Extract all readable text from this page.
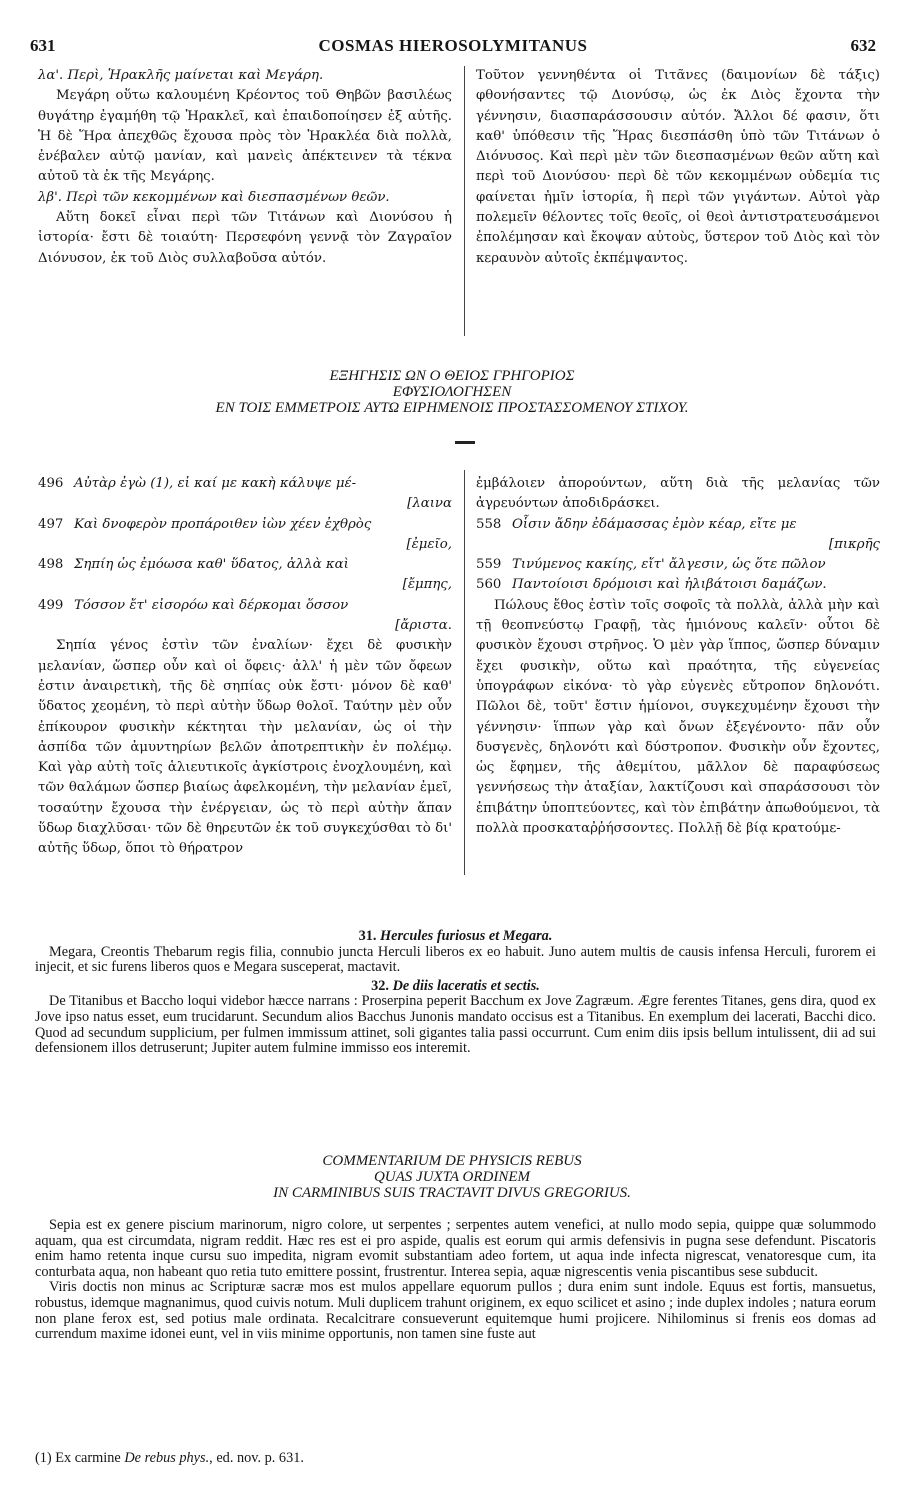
631	COSMAS HIEROSOLYMITANUS	632
λα'. Περὶ, Ἡρακλῆς μαίνεται καὶ Μεγάρη.

Μεγάρη οὕτω καλουμένη Κρέοντος τοῦ Θηβῶν βασιλέως θυγάτηρ ἐγαμήθη τῷ Ἡρακλεῖ, καὶ ἐπαιδοποίησεν ἐξ αὐτῆς. Ἡ δὲ Ἥρα ἀπεχθῶς ἔχουσα πρὸς τὸν Ἡρακλέα διὰ πολλὰ, ἐνέβαλεν αὐτῷ μανίαν, καὶ μανεὶς ἀπέκτεινεν τὰ τέκνα αὐτοῦ τὰ ἐκ τῆς Μεγάρης.

λβ'. Περὶ τῶν κεκομμένων καὶ διεσπασμένων θεῶν.

Αὕτη δοκεῖ εἶναι περὶ τῶν Τιτάνων καὶ Διονύσου ἡ ἱστορία· ἔστι δὲ τοιαύτη· Περσεφόνη γεννᾷ τὸν Ζαγραῖον Διόνυσον, ἐκ τοῦ Διὸς συλλαβοῦσα αὐτόν.

Τοῦτον γεννηθέντα οἱ Τιτᾶνες (δαιμονίων δὲ τάξις) φθονήσαντες τῷ Διονύσῳ, ὡς ἐκ Διὸς ἔχοντα τὴν γέννησιν, διασπαράσσουσιν αὐτόν. Ἄλλοι δέ φασιν, ὅτι καθ' ὑπόθεσιν τῆς Ἥρας διεσπάσθη ὑπὸ τῶν Τιτάνων ὁ Διόνυσος. Καὶ περὶ μὲν τῶν διεσπασμένων θεῶν αὕτη καὶ περὶ τοῦ Διονύσου· περὶ δὲ τῶν κεκομμένων οὐδεμία τις φαίνεται ἡμῖν ἱστορία, ἢ περὶ τῶν γιγάντων. Αὐτοὶ γὰρ πολεμεῖν θέλοντες τοῖς θεοῖς, οἱ θεοὶ ἀντιστρατευσάμενοι ἐπολέμησαν καὶ ἔκοψαν αὐτοὺς, ὕστερον τοῦ Διὸς καὶ τὸν κεραυνὸν αὐτοῖς ἐκπέμψαντος.

ΕΞΗΓΗΣΙΣ ΩΝ Ο ΘΕΙΟΣ ΓΡΗΓΟΡΙΟΣ
ΕΦΥΣΙΟΛΟΓΗΣΕΝ
ΕΝ ΤΟΙΣ ΕΜΜΕΤΡΟΙΣ ΑΥΤΩ ΕΙΡΗΜΕΝΟΙΣ ΠΡΟΣΤΑΣΣΟΜΕΝΟΥ ΣΤΙΧΟΥ.
496 Αὐτὰρ ἐγὼ (1), εἰ καί με κακὴ κάλυψε μέ-
[λαινα
497 Καὶ δνοφερὸν προπάροιθεν ἰὼν χέεν ἐχθρὸς
[ἐμεῖο,
498 Σηπίη ὡς ἐμόωσα καθ' ὕδατος, ἀλλὰ καὶ
[ἔμπης,
499 Τόσσον ἔτ' εἰσορόω καὶ δέρκομαι ὅσσον
[ἄριστα.

Σηπία γένος ἐστὶν τῶν ἐναλίων· ἔχει δὲ φυσικὴν μελανίαν, ὥσπερ οὖν καὶ οἱ ὄφεις· ἀλλ' ἡ μὲν τῶν ὄφεων ἐστιν ἀναιρετικὴ, τῆς δὲ σηπίας οὐκ ἔστι· μόνον δὲ καθ' ὕδατος χεομένη, τὸ περὶ αὐτὴν ὕδωρ θολοῖ. Ταύτην μὲν οὖν ἐπίκουρον φυσικὴν κέκτηται τὴν μελανίαν, ὡς οἱ τὴν ἀσπίδα τῶν ἀμυντηρίων βελῶν ἀποτρεπτικὴν ἐν πολέμῳ. Καὶ γὰρ αὐτὴ τοῖς ἁλιευτικοῖς ἀγκίστροις ἐνοχλουμένη, καὶ τῶν θαλάμων ὥσπερ βιαίως ἀφελκομένη, τὴν μελανίαν ἐμεῖ, τοσαύτην ἔχουσα τὴν ἐνέργειαν, ὡς τὸ περὶ αὐτὴν ἅπαν ὕδωρ διαχλῦσαι· τῶν δὲ θηρευτῶν ἐκ τοῦ συγκεχύσθαι τὸ δι' αὐτῆς ὕδωρ, ὅποι τὸ θήρατρον

ἐμβάλοιεν ἀπορούντων, αὕτη διὰ τῆς μελανίας τῶν ἀγρευόντων ἀποδιδράσκει.

558 Οἷσιν ἄδην ἐδάμασσας ἐμὸν κέαρ, εἴτε με
[πικρῆς
559 Τινύμενος κακίης, εἴτ' ἄλγεσιν, ὡς ὅτε πῶλον
560 Παντοίοισι δρόμοισι καὶ ἠλιβάτοισι δαμάζων.

Πώλους ἔθος ἐστὶν τοῖς σοφοῖς τὰ πολλὰ, ἀλλὰ μὴν καὶ τῇ θεοπνεύστῳ Γραφῇ, τὰς ἡμιόνους καλεῖν· οὗτοι δὲ φυσικὸν ἔχουσι στρῆνος. Ὁ μὲν γὰρ ἵππος, ὥσπερ δύναμιν ἔχει φυσικὴν, οὕτω καὶ πραότητα, τῆς εὐγενείας ὑπογράφων εἰκόνα· τὸ γὰρ εὐγενὲς εὔτροπον δηλονότι. Πῶλοι δὲ, τοῦτ' ἔστιν ἡμίονοι, συγκεχυμένην ἔχουσι τὴν γέννησιν· ἵππων γὰρ καὶ ὄνων ἐξεγένοντο· πᾶν οὖν δυσγενὲς, δηλονότι καὶ δύστροπον. Φυσικὴν οὖν ἔχοντες, ὡς ἔφημεν, τῆς ἀθεμίτου, μᾶλλον δὲ παραφύσεως γεννήσεως τὴν ἀταξίαν, λακτίζουσι καὶ σπαράσσουσι τὸν ἐπιβάτην ὑποπτεύοντες, καὶ τὸν ἐπιβάτην ἀπωθούμενοι, τὰ πολλὰ προσκαταῤῥήσσοντες. Πολλῇ δὲ βίᾳ κρατούμε-

31. Hercules furiosus et Megara.

Megara, Creontis Thebarum regis filia, connubio juncta Herculi liberos ex eo habuit. Juno autem multis de causis infensa Herculi, furorem ei injecit, et sic furens liberos quos e Megara susceperat, mactavit.

32. De diis laceratis et sectis.

De Titanibus et Baccho loqui videbor hæcce narrans : Proserpina peperit Bacchum ex Jove Zagræum. Ægre ferentes Titanes, gens dira, quod ex Jove ipso natus esset, eum trucidarunt. Secundum alios Bacchus Junonis mandato occisus est a Titanibus. En exemplum dei lacerati, Bacchi dico. Quod ad secundum supplicium, per fulmen immissum attinet, soli gigantes talia passi occurrunt. Cum enim diis ipsis bellum intulissent, dii ad sui defensionem illos detruserunt; Jupiter autem fulmine immisso eos interemit.

COMMENTARIUM DE PHYSICIS REBUS
QUAS JUXTA ORDINEM
IN CARMINIBUS SUIS TRACTAVIT DIVUS GREGORIUS.

Sepia est ex genere piscium marinorum, nigro colore, ut serpentes ; serpentes autem venefici, at nullo modo sepia, quippe quæ solummodo aquam, qua est circumdata, nigram reddit. Hæc res est ei pro aspide, qualis est eorum qui armis defensivis in pugna sese defendunt. Piscatoris enim hamo retenta inque cursu suo impedita, nigram evomit substantiam adeo fortem, ut aqua inde infecta nigrescat, venatoresque cum, ita conturbata aqua, non habeant quo retia tuto emittere possint, frustrentur. Interea sepia, aquæ nigrescentis venia piscantibus sese subducit.

Viris doctis non minus ac Scripturæ sacræ mos est mulos appellare equorum pullos ; dura enim sunt indole. Equus est fortis, mansuetus, robustus, idemque magnanimus, quod cuivis notum. Muli duplicem trahunt originem, ex equo scilicet et asino ; inde duplex indoles ; natura eorum non plane ferox est, sed potius male ordinata. Recalcitrare consueverunt equitemque humi projicere. Nihilominus si frenis eos domas ad currendum maxime idonei eunt, vel in viis minime opportunis, non tamen sine fuste aut

(1) Ex carmine De rebus phys., ed. nov. p. 631.
